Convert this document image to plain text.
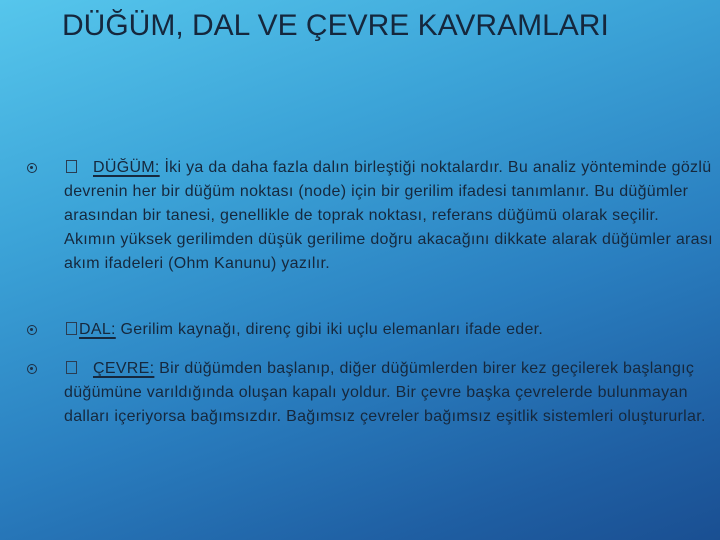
DÜĞÜM, DAL VE ÇEVRE KAVRAMLARI
DÜĞÜM: İki ya da daha fazla dalın birleştiği noktalardır. Bu analiz yönteminde gözlü devrenin her bir düğüm noktası (node) için bir gerilim ifadesi tanımlanır. Bu düğümler arasından bir tanesi, genellikle de toprak noktası, referans düğümü olarak seçilir. Akımın yüksek gerilimden düşük gerilime doğru akacağını dikkate alarak düğümler arası akım ifadeleri (Ohm Kanunu) yazılır.
DAL: Gerilim kaynağı, direnç gibi iki uçlu elemanları ifade eder.
ÇEVRE: Bir düğümden başlanıp, diğer düğümlerden birer kez geçilerek başlangıç düğümüne varıldığında oluşan kapalı yoldur. Bir çevre başka çevrelerde bulunmayan dalları içeriyorsa bağımsızdır. Bağımsız çevreler bağımsız eşitlik sistemleri oluştururlar.
